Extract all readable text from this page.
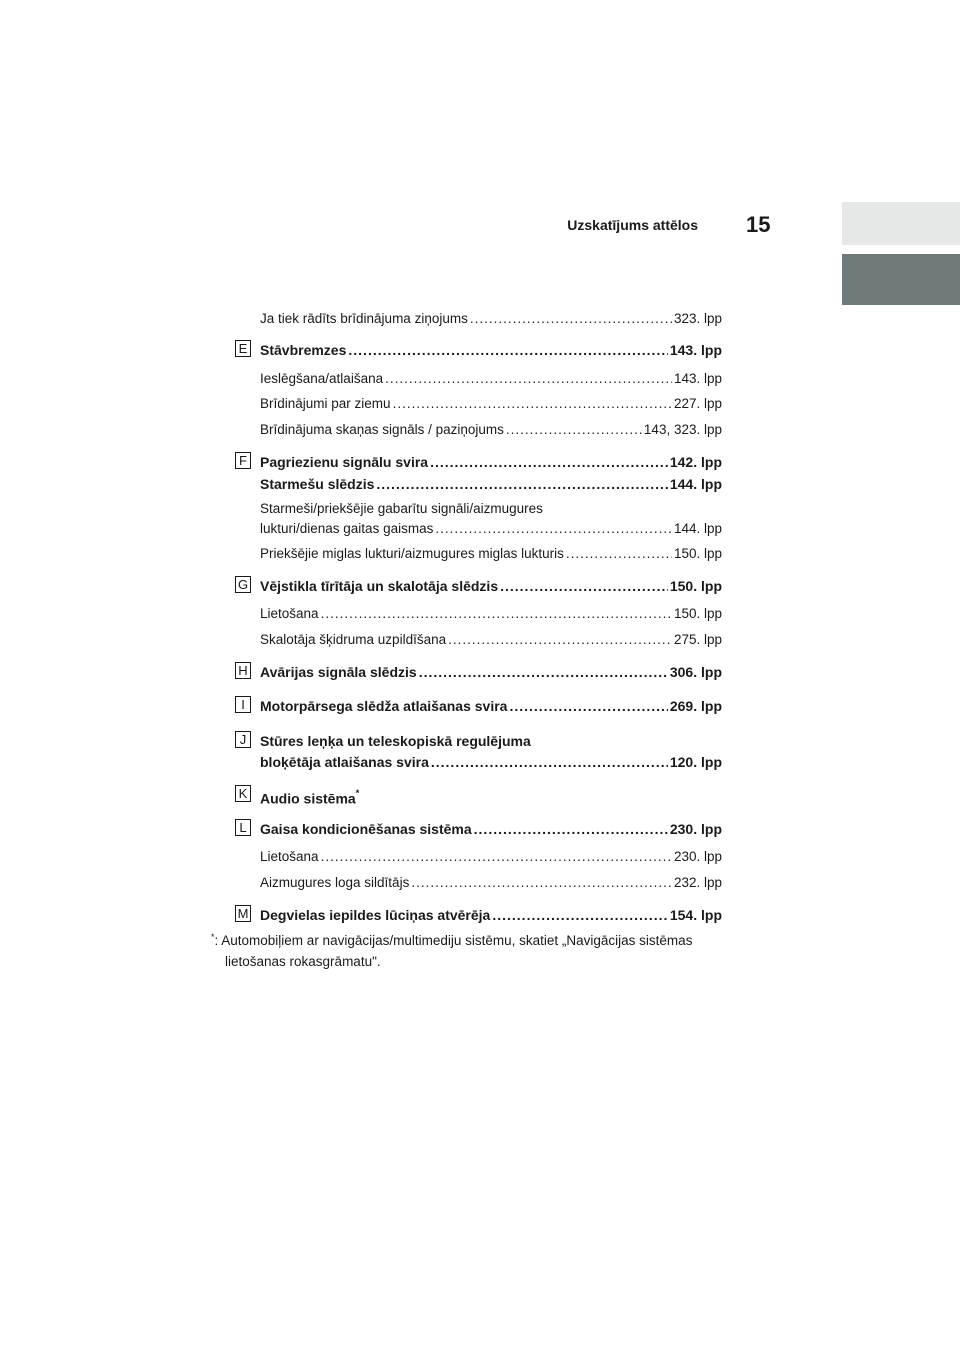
Uzskatījums attēlos 15
Ja tiek rādīts brīdinājuma ziņojums .....	323. lpp
E Stāvbremzes .....	143. lpp
Ieslēgšana/atlaišana .....	143. lpp
Brīdinājumi par ziemu .....	227. lpp
Brīdinājuma skaņas signāls / paziņojums .....	143, 323. lpp
F Pagriezienu signālu svira .....	142. lpp
Starmešu slēdzis .....	144. lpp
Starmeši/priekšējie gabarītu signāli/aizmugures
lukturi/dienas gaitas gaismas .....	144. lpp
Priekšējie miglas lukturi/aizmugures miglas lukturis .....	150. lpp
G Vējstikla tīrītāja un skalotāja slēdzis .....	150. lpp
Lietošana .....	150. lpp
Skalotāja šķidruma uzpildīšana .....	275. lpp
H Avārijas signāla slēdzis .....	306. lpp
I	Motorpārsega slēdža atlaišanas svira .....	269. lpp
J Stūres leņķa un teleskopiskā regulējuma
bloķētāja atlaišanas svira .....	120. lpp
K Audio sistēma*
L Gaisa kondicionēšanas sistēma .....	230. lpp
Lietošana .....	230. lpp
Aizmugures loga sildītājs .....	232. lpp
M Degvielas iepildes lūciņas atvērēja .....	154. lpp
*: Automobiļiem ar navigācijas/multimediju sistēmu, skatiet „Navigācijas sistēmas
lietošanas rokasgrāmatu".
